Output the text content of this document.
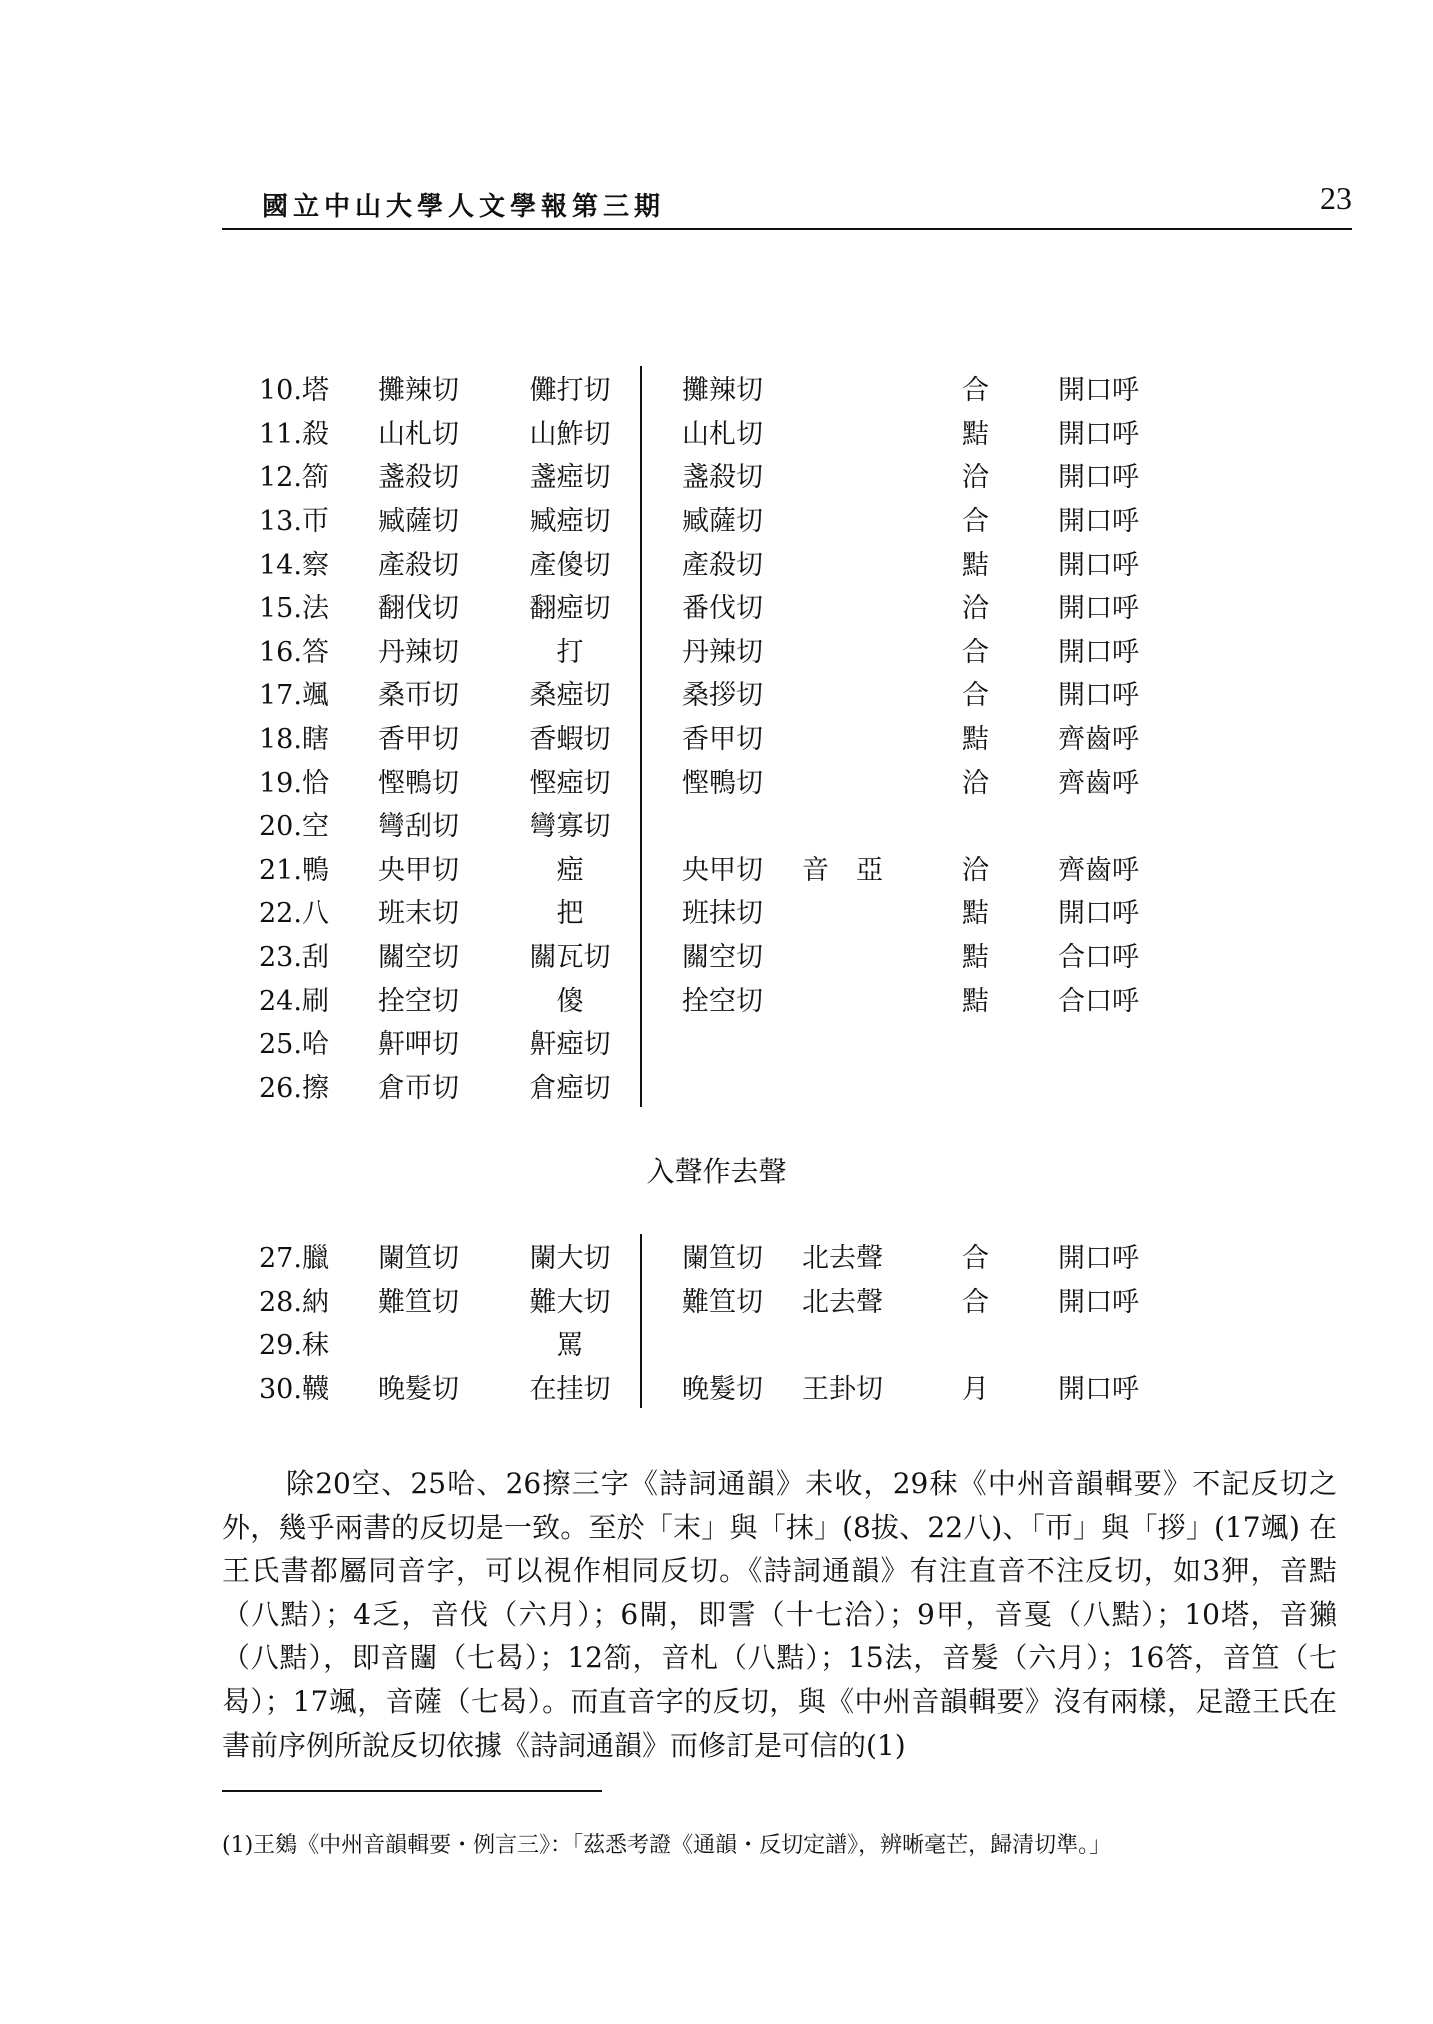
國立中山大學人文學報第三期	23
10.塔	攤辣切	儺打切		攤辣切		合	開口呼
11.殺	山札切	山鮓切		山札切		黠	開口呼
12.箚	盞殺切	盞瘂切		盞殺切		洽	開口呼
13.帀	臧薩切	臧瘂切		臧薩切		合	開口呼
14.察	產殺切	產傻切		產殺切		黠	開口呼
15.法	翻伐切	翻瘂切		番伐切		洽	開口呼
16.答	丹辣切	打		丹辣切		合	開口呼
17.颯	桑帀切	桑瘂切		桑拶切		合	開口呼
18.瞎	香甲切	香蝦切		香甲切		黠	齊齒呼
19.恰	慳鴨切	慳瘂切		慳鴨切		洽	齊齒呼
20.空	彎刮切	彎寡切					
21.鴨	央甲切	瘂		央甲切	音　亞	洽	齊齒呼
22.八	班末切	把		班抹切		黠	開口呼
23.刮	關空切	關瓦切		關空切		黠	合口呼
24.刷	拴空切	傻		拴空切		黠	合口呼
25.哈	鼾呷切	鼾瘂切					
26.擦	倉帀切	倉瘂切					
入聲作去聲
27.臘	闌笪切	闌大切		闌笪切	北去聲	合	開口呼
28.納	難笪切	難大切		難笪切	北去聲	合	開口呼
29.秣		罵					
30.韈	晚髮切	在挂切		晚髮切	王卦切	月	開口呼

除20空、25哈、26擦三字《詩詞通韻》未收，29秣《中州音韻輯要》不記反切之外，幾乎兩書的反切是一致。至於「末」與「抹」(8拔、22八)、「帀」與「拶」(17颯) 在王氏書都屬同音字，可以視作相同反切。《詩詞通韻》有注直音不注反切，如3狎，音黠（八黠）；4乏，音伐（六月）；6閘，即霅（十七洽）；9甲，音戛（八黠）；10塔，音獺（八黠），即音闥（七曷）；12箚，音札（八黠）；15法，音髮（六月）；16答，音笪（七曷）；17颯，音薩（七曷）。而直音字的反切，與《中州音韻輯要》沒有兩樣，足證王氏在書前序例所說反切依據《詩詞通韻》而修訂是可信的(1)

(1)王鵕《中州音韻輯要・例言三》：「茲悉考證《通韻・反切定譜》，辨晰毫芒，歸清切準。」
